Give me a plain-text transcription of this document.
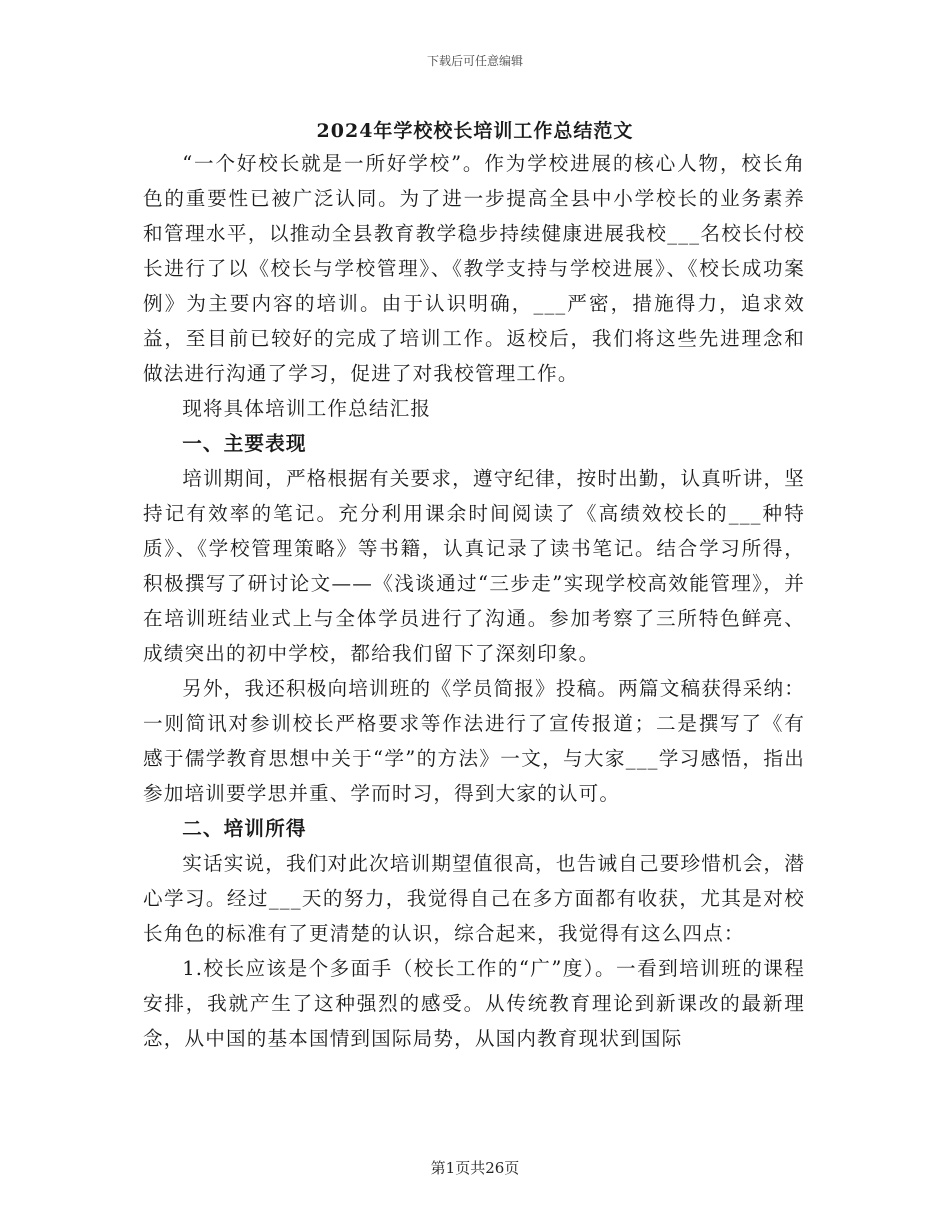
下载后可任意编辑
2024年学校校长培训工作总结范文

“一个好校长就是一所好学校”。作为学校进展的核心人物，校长角色的重要性已被广泛认同。为了进一步提高全县中小学校长的业务素养和管理水平，以推动全县教育教学稳步持续健康进展我校___名校长付校长进行了以《校长与学校管理》、《教学支持与学校进展》、《校长成功案例》为主要内容的培训。由于认识明确，___严密，措施得力，追求效益，至目前已较好的完成了培训工作。返校后，我们将这些先进理念和做法进行沟通了学习，促进了对我校管理工作。

现将具体培训工作总结汇报

一、主要表现

培训期间，严格根据有关要求，遵守纪律，按时出勤，认真听讲，坚持记有效率的笔记。充分利用课余时间阅读了《高绩效校长的___种特质》、《学校管理策略》等书籍，认真记录了读书笔记。结合学习所得，积极撰写了研讨论文——《浅谈通过“三步走”实现学校高效能管理》，并在培训班结业式上与全体学员进行了沟通。参加考察了三所特色鲜亮、成绩突出的初中学校，都给我们留下了深刻印象。

另外，我还积极向培训班的《学员简报》投稿。两篇文稿获得采纳：一则简讯对参训校长严格要求等作法进行了宣传报道；二是撰写了《有感于儒学教育思想中关于“学”的方法》一文，与大家___学习感悟，指出参加培训要学思并重、学而时习，得到大家的认可。

二、培训所得

实话实说，我们对此次培训期望值很高，也告诫自己要珍惜机会，潜心学习。经过___天的努力，我觉得自己在多方面都有收获，尤其是对校长角色的标准有了更清楚的认识，综合起来，我觉得有这么四点：

1.校长应该是个多面手（校长工作的“广”度）。一看到培训班的课程安排，我就产生了这种强烈的感受。从传统教育理论到新课改的最新理念，从中国的基本国情到国际局势，从国内教育现状到国际

第1页共26页
